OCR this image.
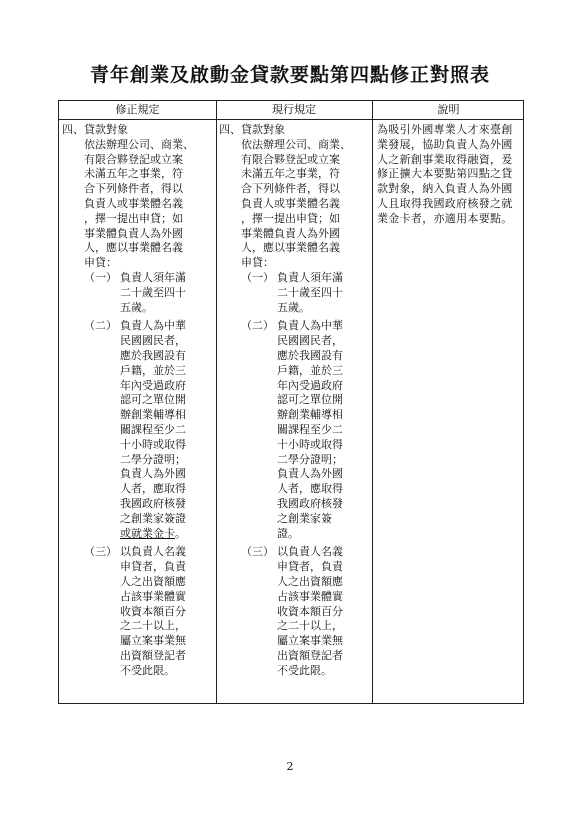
青年創業及啟動金貸款要點第四點修正對照表
修正規定	現行規定	說明

四、貸款對象

依法辦理公司、商業、

有限合夥登記或立案

未滿五年之事業，符

合下列條件者，得以

負責人或事業體名義

，擇一提出申貸；如

事業體負責人為外國

人，應以事業體名義

申貸：

（一） 負責人須年滿

二十歲至四十

五歲。

（二） 負責人為中華

民國國民者，

應於我國設有

戶籍，並於三

年內受過政府

認可之單位開

辦創業輔導相

關課程至少二

十小時或取得

二學分證明；

負責人為外國

人者，應取得

我國政府核發

之創業家簽證

或就業金卡。

（三） 以負責人名義

申貸者，負責

人之出資額應

占該事業體實

收資本額百分

之二十以上，

屬立案事業無

出資額登記者

不受此限。

四、貸款對象

依法辦理公司、商業、

有限合夥登記或立案

未滿五年之事業，符

合下列條件者，得以

負責人或事業體名義

，擇一提出申貸；如

事業體負責人為外國

人，應以事業體名義

申貸：

（一） 負責人須年滿

二十歲至四十

五歲。

（二） 負責人為中華

民國國民者，

應於我國設有

戶籍，並於三

年內受過政府

認可之單位開

辦創業輔導相

關課程至少二

十小時或取得

二學分證明；

負責人為外國

人者，應取得

我國政府核發

之創業家簽

證。

（三） 以負責人名義

申貸者，負責

人之出資額應

占該事業體實

收資本額百分

之二十以上，

屬立案事業無

出資額登記者

不受此限。

為吸引外國專業人才來臺創業發展，協助負責人為外國人之新創事業取得融資，爰修正擴大本要點第四點之貸款對象，納入負責人為外國人且取得我國政府核發之就業金卡者，亦適用本要點。

2
